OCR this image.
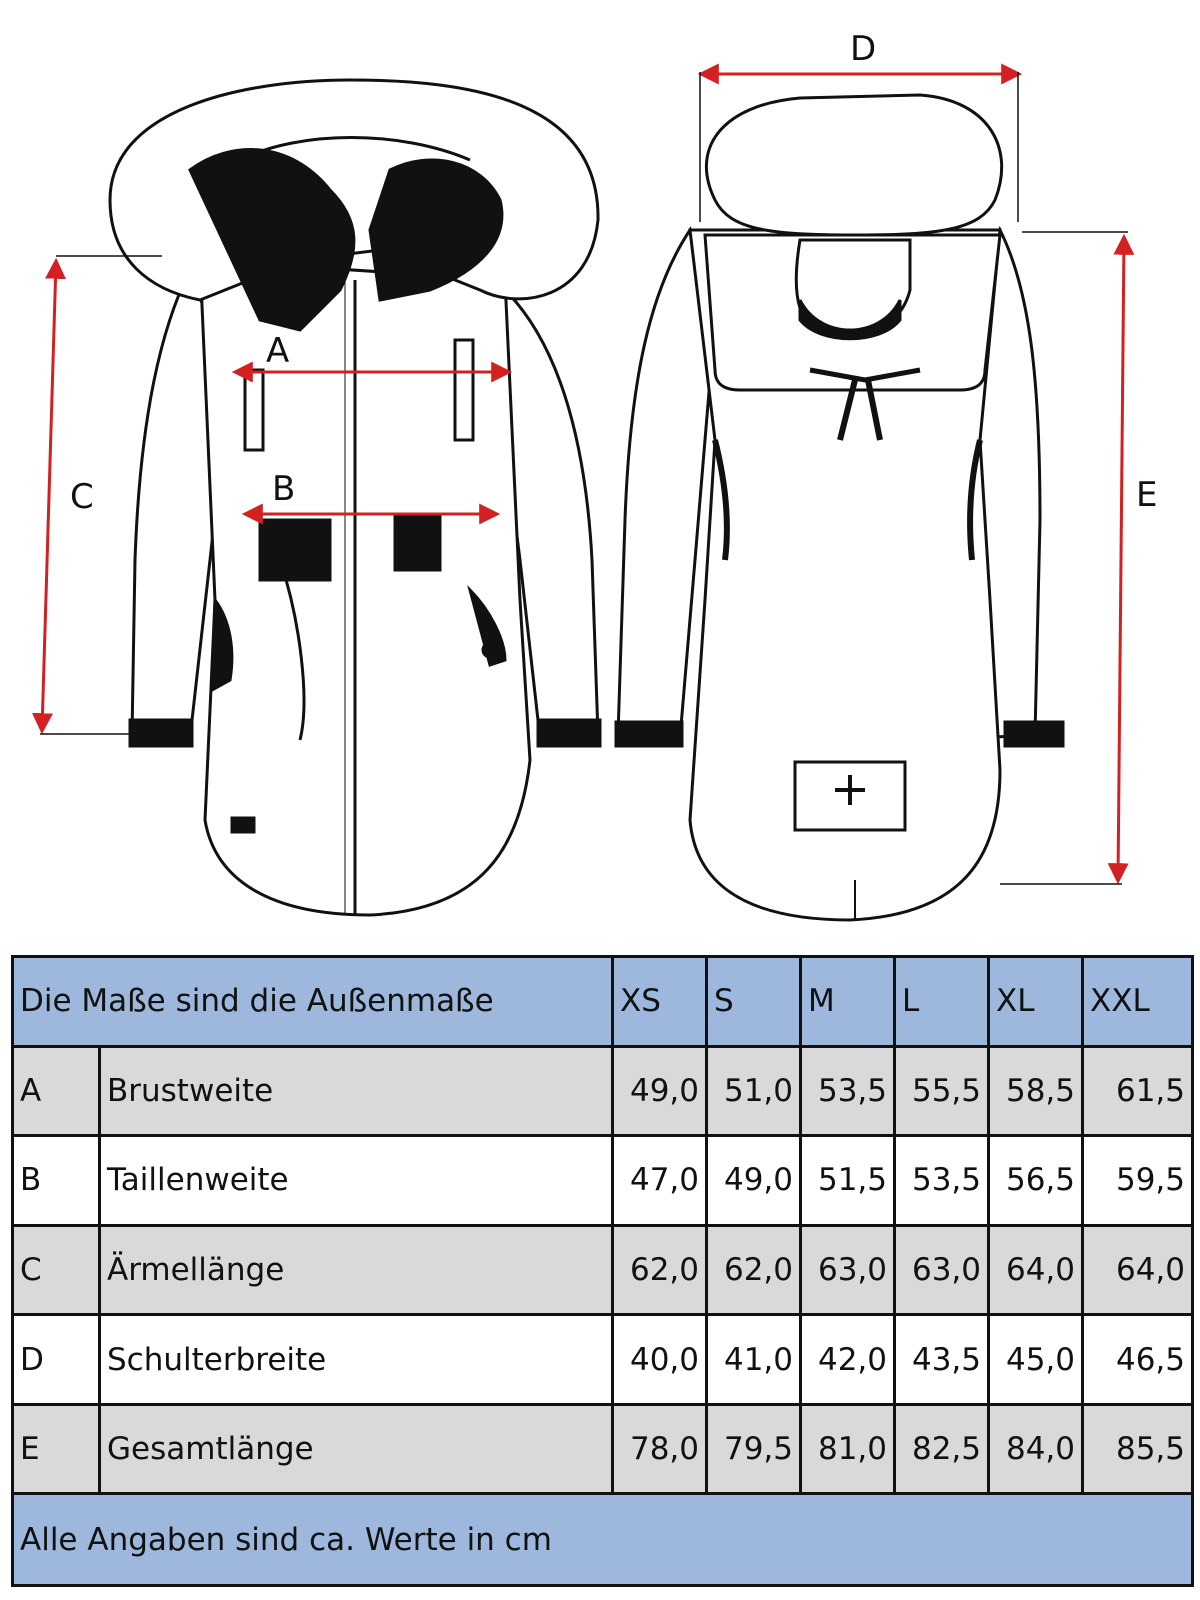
A
B
C
D
E
Die Maße sind die Außenmaße		XS	S	M	L	XL	XXL
A	Brustweite	49,0	51,0	53,5	55,5	58,5	61,5
B	Taillenweite	47,0	49,0	51,5	53,5	56,5	59,5
C	Ärmellänge	62,0	62,0	63,0	63,0	64,0	64,0
D	Schulterbreite	40,0	41,0	42,0	43,5	45,0	46,5
E	Gesamtlänge	78,0	79,5	81,0	82,5	84,0	85,5
Alle Angaben sind ca. Werte in cm							
